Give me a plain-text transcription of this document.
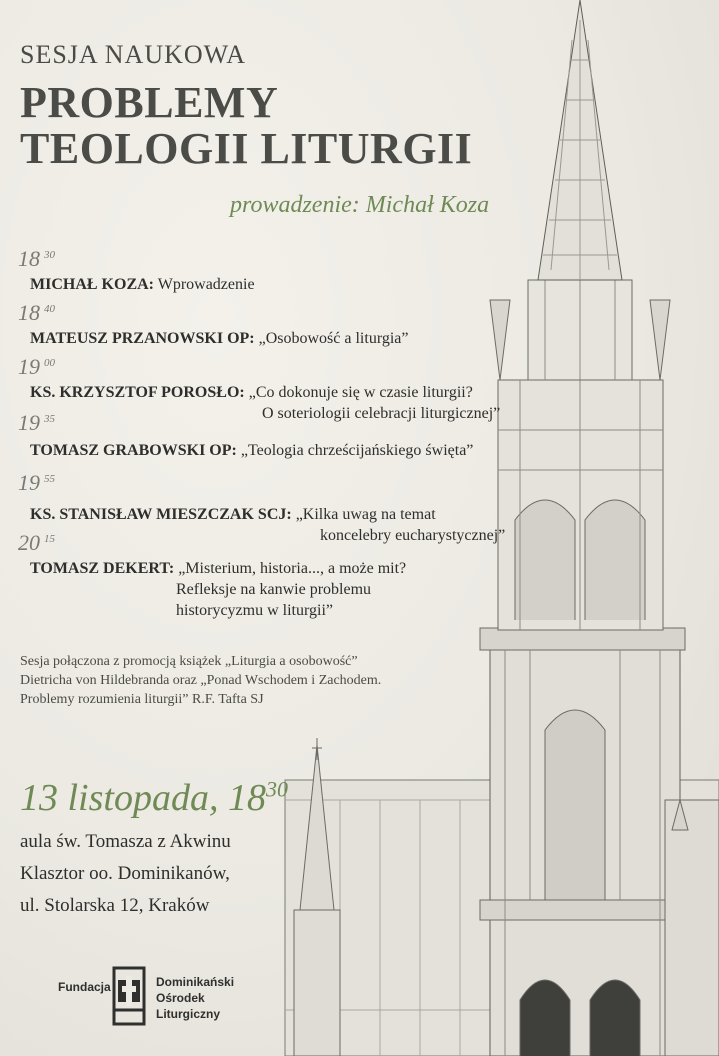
SESJA NAUKOWA
PROBLEMY
TEOLOGII LITURGII
prowadzenie: Michał Koza
18 $^{30}$
MICHAŁ KOZA: Wprowadzenie
18 $^{40}$
MATEUSZ PRZANOWSKI OP: „Osobowość a liturgia”
19 $^{00}$
KS. KRZYSZTOF POROSŁO: „Co dokonuje się w czasie liturgii?
O soteriologii celebracji liturgicznej”
19 $^{35}$
TOMASZ GRABOWSKI OP: „Teologia chrześcijańskiego święta”
19 $^{55}$
KS. STANISŁAW MIESZCZAK SCJ: „Kilka uwag na temat
koncelebry eucharystycznej”
20 $^{15}$
TOMASZ DEKERT: „Misterium, historia..., a może mit?
Refleksje na kanwie problemu
historycyzmu w liturgii”
Sesja połączona z promocją książek „Liturgia a osobowość”
Dietricha von Hildebranda oraz „Ponad Wschodem i Zachodem.
Problemy rozumienia liturgii” R.F. Tafta SJ
13 listopada, $18^{30}$
aula św. Tomasza z Akwinu
Klasztor oo. Dominikanów,
ul. Stolarska 12, Kraków
Fundacja	Dominikański
Ośrodek
Liturgiczny
